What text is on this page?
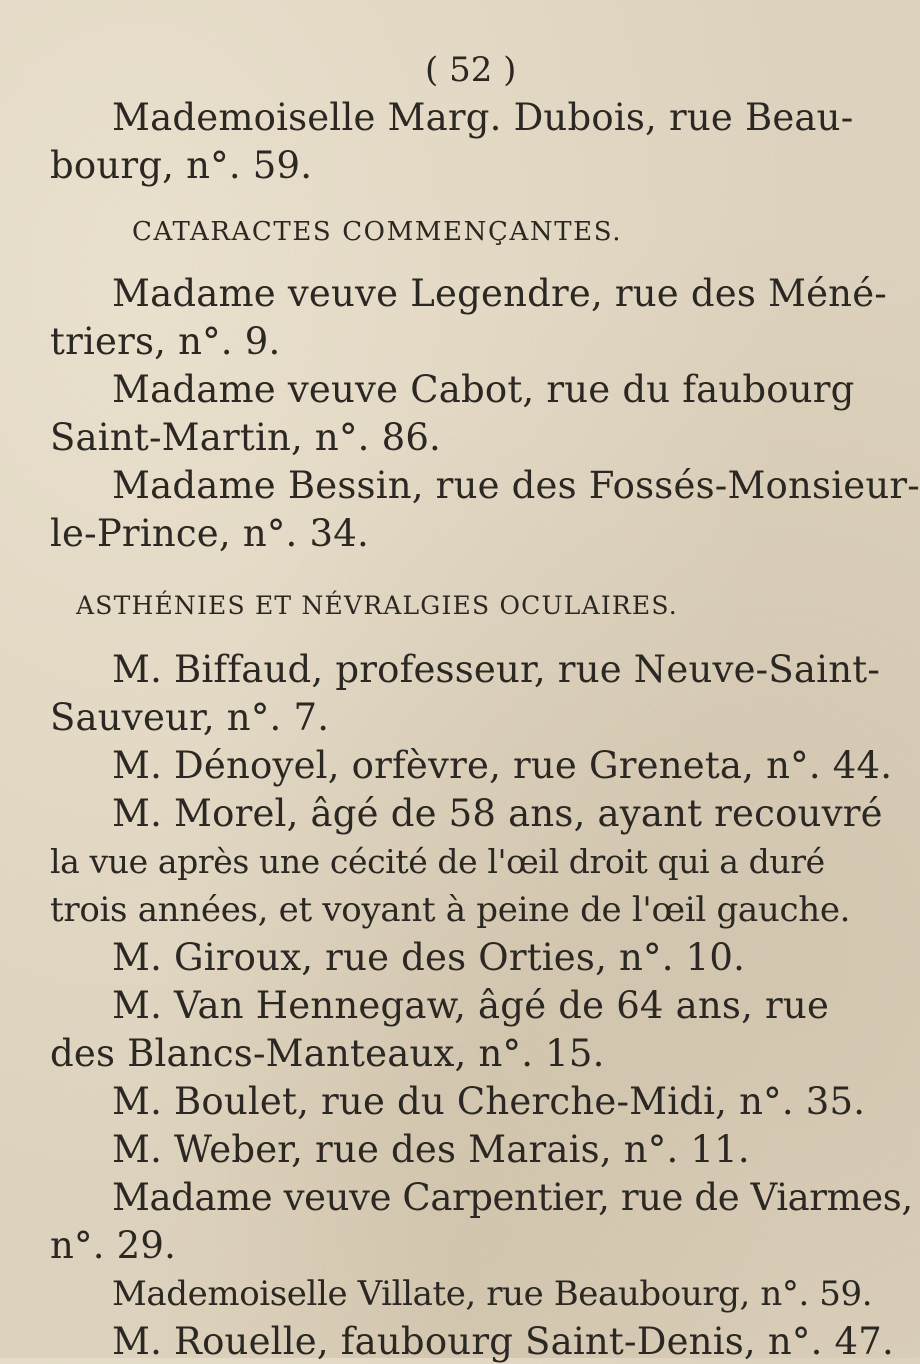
( 52 )
Mademoiselle Marg. Dubois, rue Beau-
bourg, n°. 59.
CATARACTES COMMENÇANTES.
Madame veuve Legendre, rue des Méné-
triers, n°. 9.
Madame veuve Cabot, rue du faubourg
Saint-Martin, n°. 86.
Madame Bessin, rue des Fossés-Monsieur-
le-Prince, n°. 34.
ASTHÉNIES ET NÉVRALGIES OCULAIRES.
M. Biffaud, professeur, rue Neuve-Saint-
Sauveur, n°. 7.
M. Dénoyel, orfèvre, rue Greneta, n°. 44.
M. Morel, âgé de 58 ans, ayant recouvré
la vue après une cécité de l'œil droit qui a duré
trois années, et voyant à peine de l'œil gauche.
M. Giroux, rue des Orties, n°. 10.
M. Van Hennegaw, âgé de 64 ans, rue
des Blancs-Manteaux, n°. 15.
M. Boulet, rue du Cherche-Midi, n°. 35.
M. Weber, rue des Marais, n°. 11.
Madame veuve Carpentier, rue de Viarmes,
n°. 29.
Mademoiselle Villate, rue Beaubourg, n°. 59.
M. Rouelle, faubourg Saint-Denis, n°. 47.
